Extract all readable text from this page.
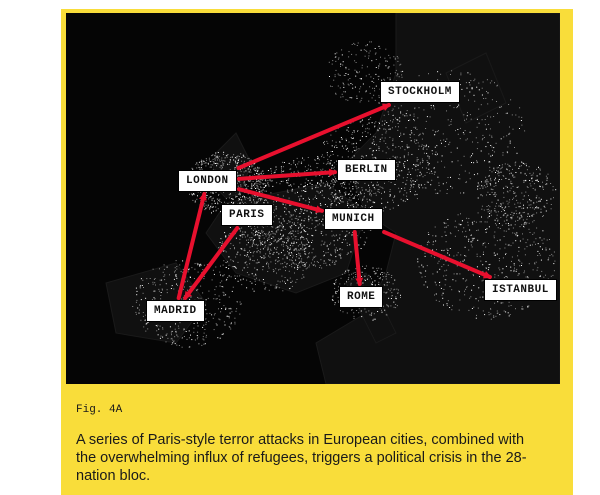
STOCKHOLM
BERLIN
LONDON
PARIS	MUNICH
ROME
ISTANBUL
MADRID
Fig. 4A
A series of Paris-style terror attacks in European cities, combined with the overwhelming influx of refugees, triggers a political crisis in the 28-nation bloc.
